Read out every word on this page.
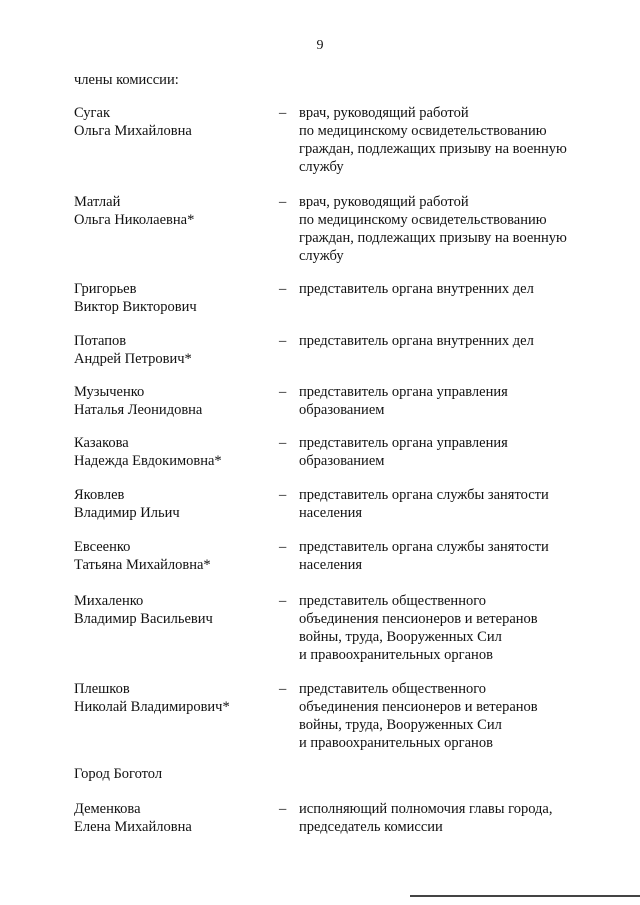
9
члены комиссии:
Сугак
Ольга Михайловна
– врач, руководящий работой
по медицинскому освидетельствованию
граждан, подлежащих призыву на военную
службу
Матлай
Ольга Николаевна*
– врач, руководящий работой
по медицинскому освидетельствованию
граждан, подлежащих призыву на военную
службу
Григорьев
Виктор Викторович
– представитель органа внутренних дел
Потапов
Андрей Петрович*
– представитель органа внутренних дел
Музыченко
Наталья Леонидовна
– представитель органа управления
образованием
Казакова
Надежда Евдокимовна*
– представитель органа управления
образованием
Яковлев
Владимир Ильич
– представитель органа службы занятости
населения
Евсеенко
Татьяна Михайловна*
– представитель органа службы занятости
населения
Михаленко
Владимир Васильевич
– представитель общественного
объединения пенсионеров и ветеранов
войны, труда, Вооруженных Сил
и правоохранительных органов
Плешков
Николай Владимирович*
– представитель общественного
объединения пенсионеров и ветеранов
войны, труда, Вооруженных Сил
и правоохранительных органов
Город Боготол
Деменкова
Елена Михайловна
– исполняющий полномочия главы города,
председатель комиссии
